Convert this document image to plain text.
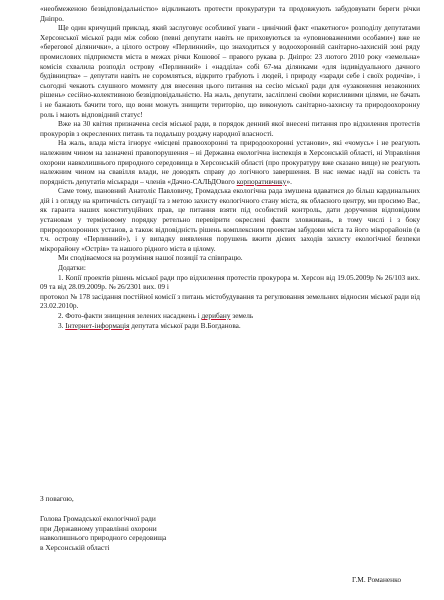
«необмеженою безвідповідальністю» відкликають протести прокуратури та продовжують забудовувати береги річки Дніпро.

Ще один кричущий приклад, який заслуговує особливої уваги - цинічний факт «пакетного» розподілу депутатами Херсонської міської ради між собою (певні депутати навіть не приховуються за «уповноваженими особами») вже не «берегової ділянички», а цілого острову «Перлинний», що знаходиться у водоохоронній санітарно-захисній зоні ряду промислових підприємств міста в межах річки Кошової – правого рукава р. Дніпро: 23 лютого 2010 року «земельна» комісія схвалила розподіл острову «Перлинний» і «надділа» собі 67-ма ділянками «для індивідуального дачного будівництва» – депутати навіть не соромляться, відкрито грабують і людей, і природу «заради себе і своїх родичів», і сьогодні чекають слушного моменту для внесення цього питання на сесію міської ради для «узаконення незаконних рішень» сесійно-колективною безвідповідальністю. На жаль, депутати, засліплені своїми корисливими цілями, не бачать і не бажають бачити того, що вони можуть знищити територію, що виконують санітарно-захисну та природоохоронну роль і мають відповідний статус!

Вже на 30 квітня призначена сесія міської ради, в порядок денний якої внесені питання про відхилення протестів прокурорів з окресленних питань та подальшу роздачу народної власності.

На жаль, влада міста ігнорує «місцеві правоохоронні та природоохоронні установи», які «чомусь» і не реагують належним чином на зазначені правопорушення – ні Державна екологічна інспекція в Херсонській області, ні Управління охорони навколишнього природного середовища в Херсонській області (про прокуратуру вже сказано вище) не реагують належним чином на свавілля влади, не доводять справу до логічного завершення. В нас немає надії на совість та порядність депутатів міськради – членів «Дачно-САЛЬДОвого корпоративчику».

Саме тому, шановний Анатоліє Павловичу, Громадська екологічна рада змушена вдаватися до більш кардинальних дій і з огляду на критичність ситуації та з метою захисту екологічного стану міста, як обласного центру, ми просимо Вас, як гаранта наших конституційних прав, це питання взяти під особистий контроль, дати доручення відповідним установам у терміновому порядку ретельно перевірити окреслені факти зловживань, в тому числі і з боку природоохоронних установ, а також відповідність рішень комплексним проектам забудови міста та його мікрорайонів (в т.ч. острову «Перлинний»), і у випадку виявлення порушень вжити дієвих заходів захисту екологічної безпеки мікрорайону «Острів» та нашого рідного міста в цілому.

Ми сподіваємося на розуміння нашої позиції та співпрацю.

Додатки:

1. Копії проектів рішень міської ради про відхилення протестів прокурора м. Херсон від 19.05.2009р № 26/103 вих. 09 та від 28.09.2009р. № 26/2301 вих. 09 і

протокол № 178 засідання постійної комісії з питань містобудування та регулювання земельних відносин міської ради від 23.02.2010р.

2. Фото-факти знищення зелених насаджень і дерибану земель

3. Інтернет-інформація депутата міської ради В.Богданова.

З повагою,
Голова Громадської екологічної ради
при Державному управлінні охорони
навколишнього природного середовища
в Херсонській області
Г.М. Романенко
